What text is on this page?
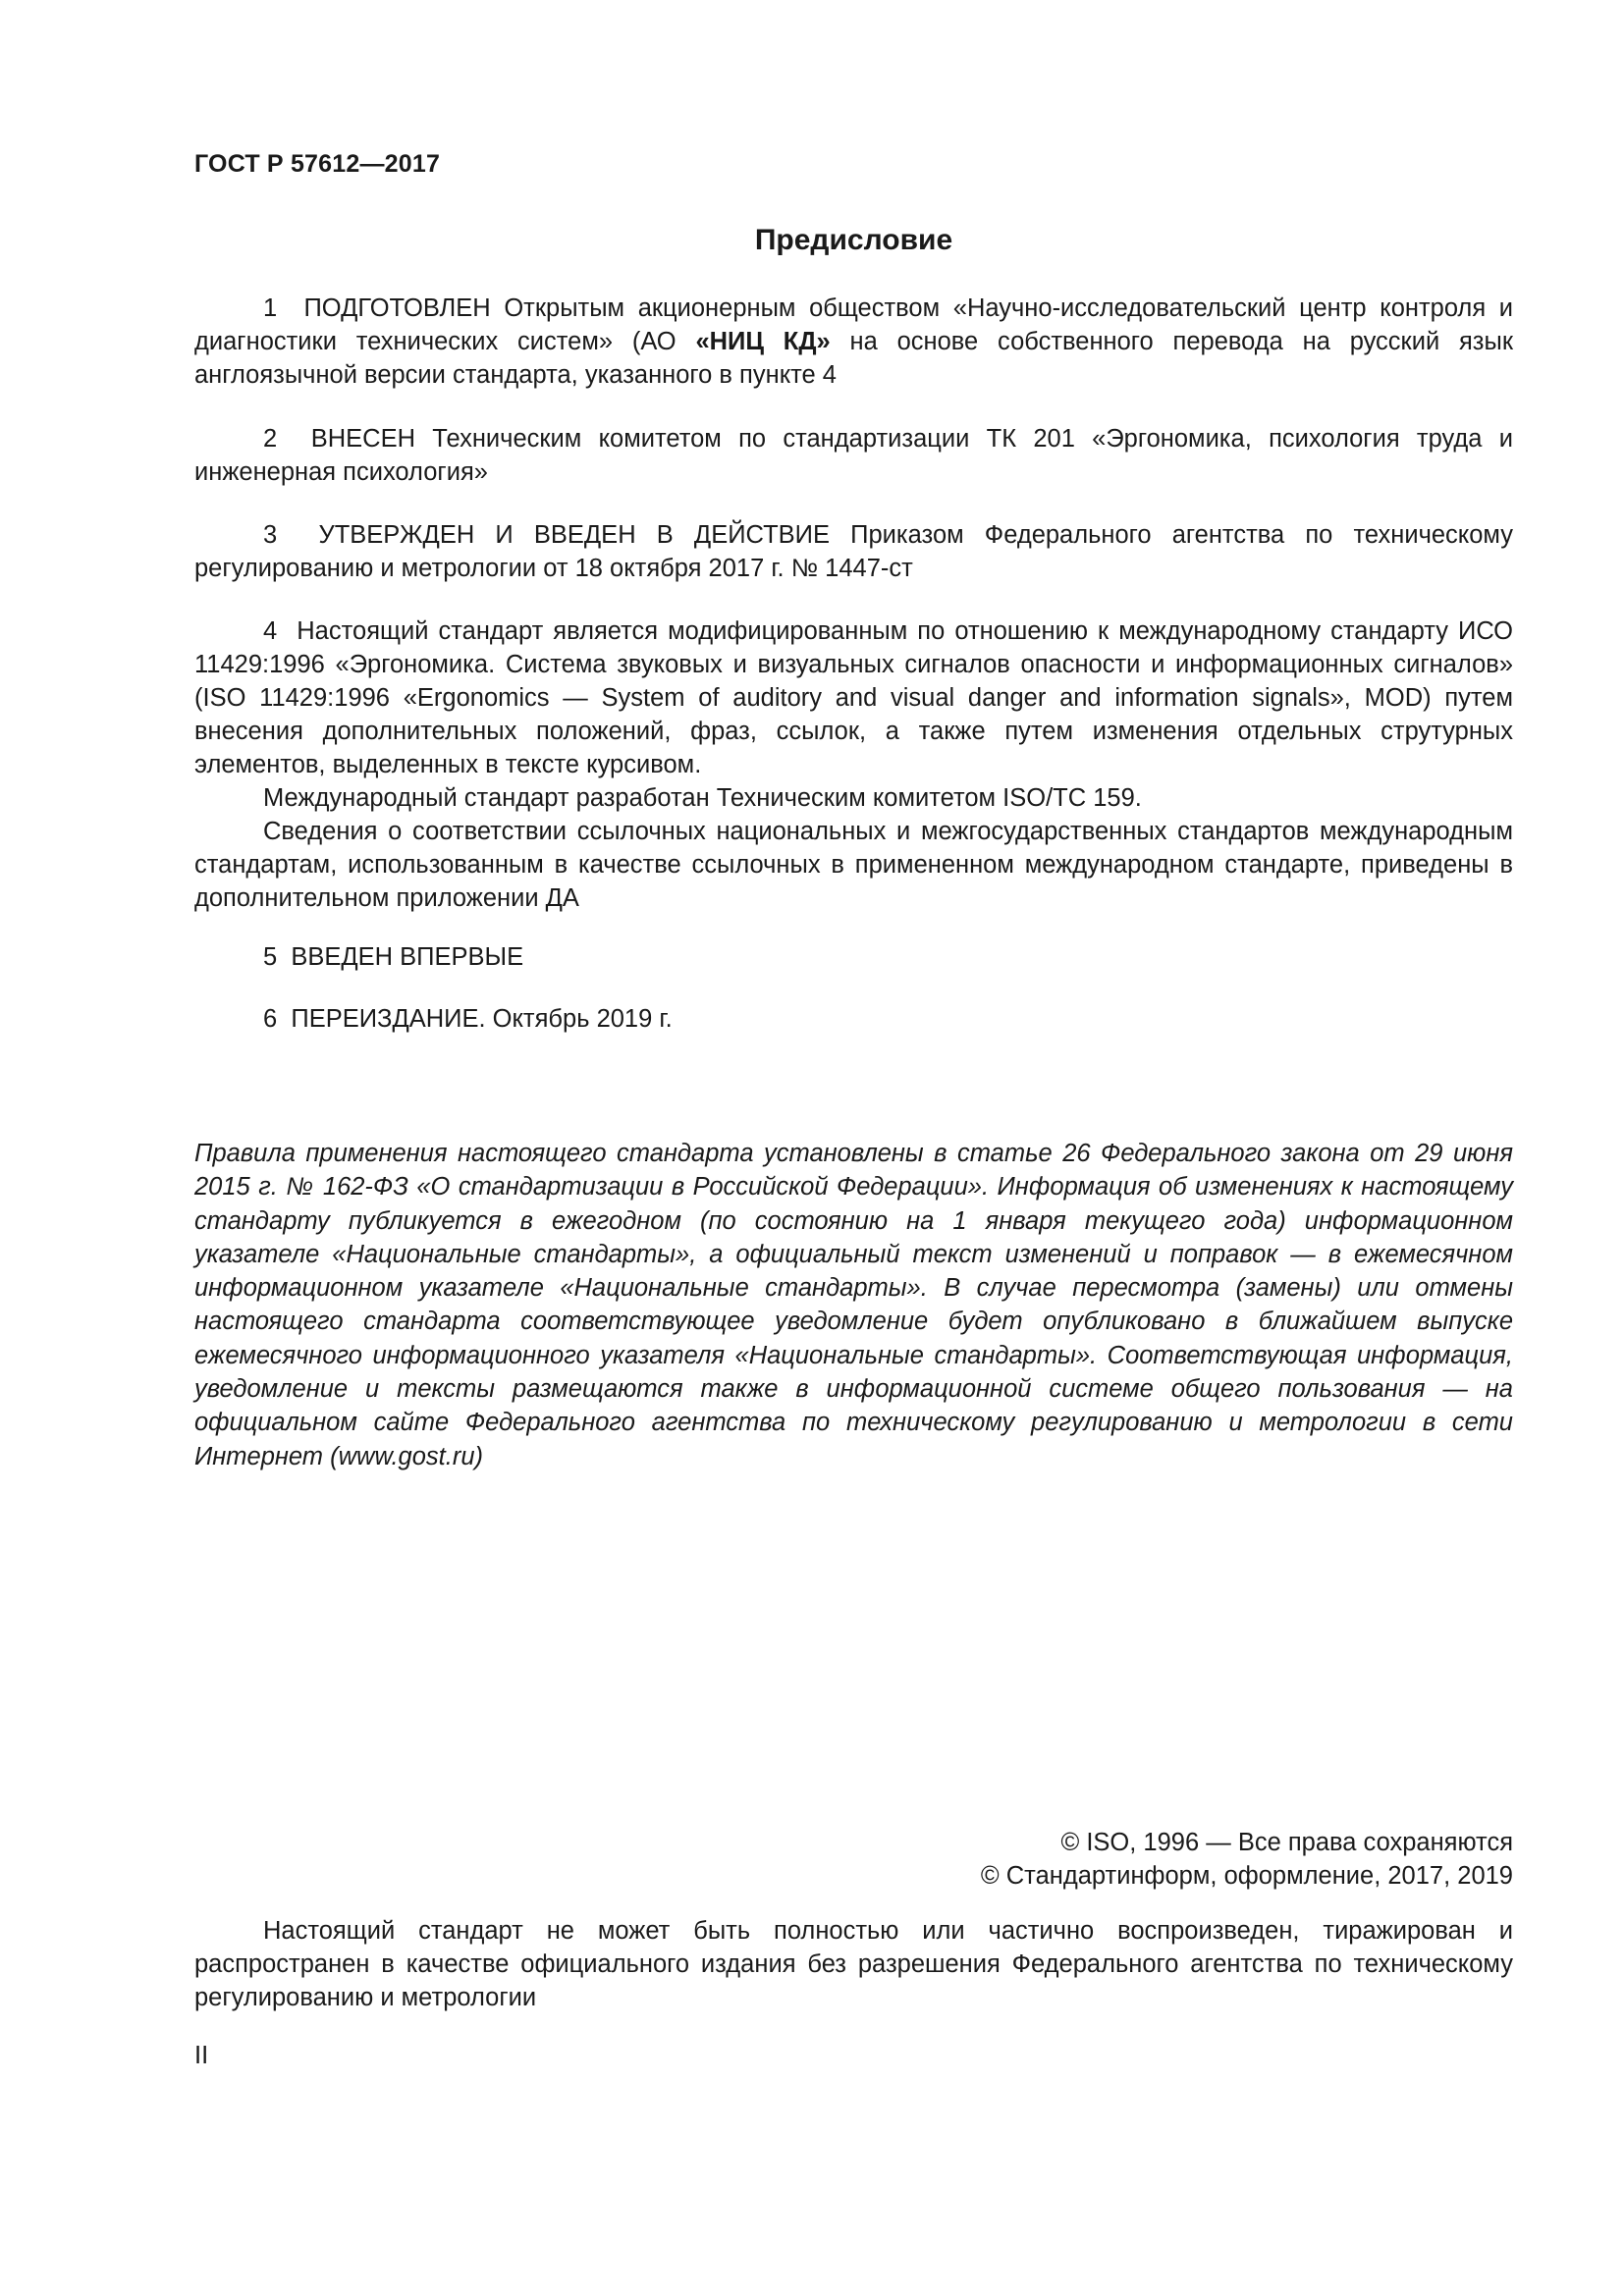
ГОСТ Р 57612—2017
Предисловие
1 ПОДГОТОВЛЕН Открытым акционерным обществом «Научно-исследовательский центр контроля и диагностики технических систем» (АО «НИЦ КД» на основе собственного перевода на русский язык англоязычной версии стандарта, указанного в пункте 4
2 ВНЕСЕН Техническим комитетом по стандартизации ТК 201 «Эргономика, психология труда и инженерная психология»
3 УТВЕРЖДЕН И ВВЕДЕН В ДЕЙСТВИЕ Приказом Федерального агентства по техническому регулированию и метрологии от 18 октября 2017 г. № 1447-ст
4 Настоящий стандарт является модифицированным по отношению к международному стандарту ИСО 11429:1996 «Эргономика. Система звуковых и визуальных сигналов опасности и информационных сигналов» (ISO 11429:1996 «Ergonomics — System of auditory and visual danger and information signals», MOD) путем внесения дополнительных положений, фраз, ссылок, а также путем изменения отдельных струтурных элементов, выделенных в тексте курсивом.
Международный стандарт разработан Техническим комитетом ISO/TC 159.
Сведения о соответствии ссылочных национальных и межгосударственных стандартов международным стандартам, использованным в качестве ссылочных в примененном международном стандарте, приведены в дополнительном приложении ДА
5 ВВЕДЕН ВПЕРВЫЕ
6 ПЕРЕИЗДАНИЕ. Октябрь 2019 г.
Правила применения настоящего стандарта установлены в статье 26 Федерального закона от 29 июня 2015 г. № 162-ФЗ «О стандартизации в Российской Федерации». Информация об изменениях к настоящему стандарту публикуется в ежегодном (по состоянию на 1 января текущего года) информационном указателе «Национальные стандарты», а официальный текст изменений и поправок — в ежемесячном информационном указателе «Национальные стандарты». В случае пересмотра (замены) или отмены настоящего стандарта соответствующее уведомление будет опубликовано в ближайшем выпуске ежемесячного информационного указателя «Национальные стандарты». Соответствующая информация, уведомление и тексты размещаются также в информационной системе общего пользования — на официальном сайте Федерального агентства по техническому регулированию и метрологии в сети Интернет (www.gost.ru)
© ISO, 1996 — Все права сохраняются
© Стандартинформ, оформление, 2017, 2019
Настоящий стандарт не может быть полностью или частично воспроизведен, тиражирован и распространен в качестве официального издания без разрешения Федерального агентства по техническому регулированию и метрологии
II
